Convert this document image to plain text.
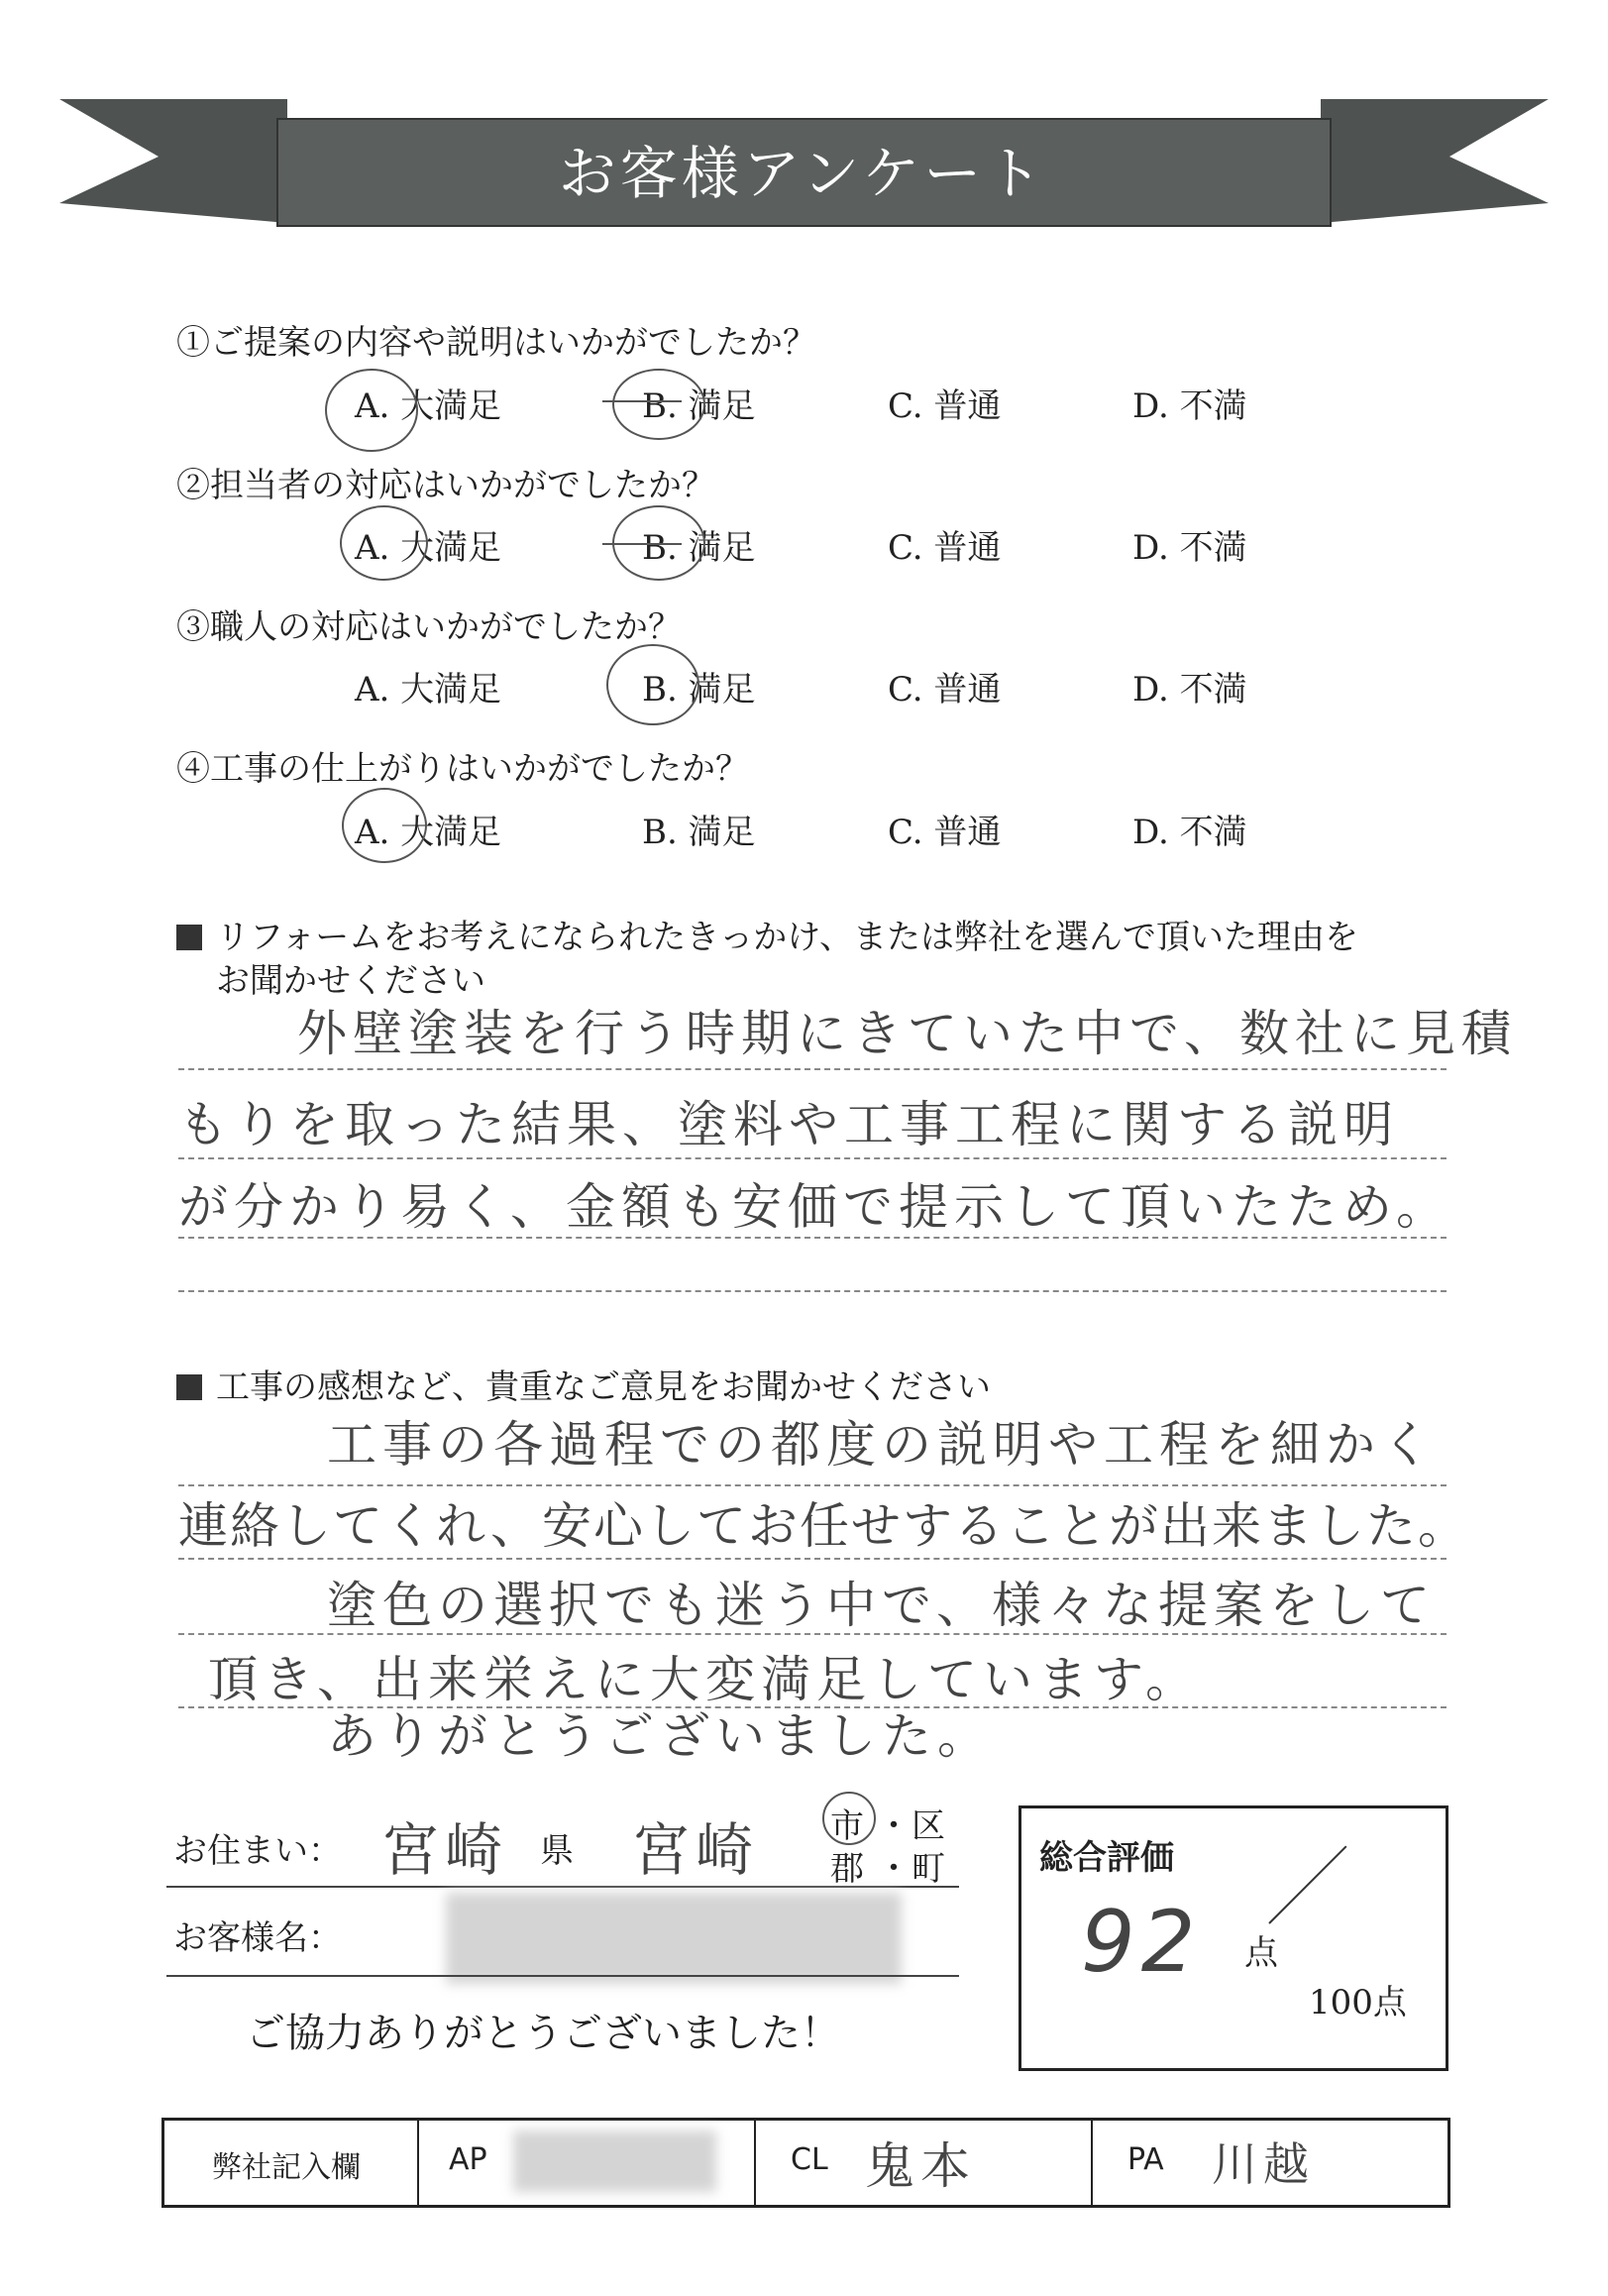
お客様アンケート
①ご提案の内容や説明はいかがでしたか？
A. 大満足	B. 満足	C. 普通	D. 不満
②担当者の対応はいかがでしたか？
A. 大満足	B. 満足	C. 普通	D. 不満
③職人の対応はいかがでしたか？
A. 大満足	B. 満足	C. 普通	D. 不満
④工事の仕上がりはいかがでしたか？
A. 大満足	B. 満足	C. 普通	D. 不満
リフォームをお考えになられたきっかけ、または弊社を選んで頂いた理由を
お聞かせください
外壁塗装を行う時期にきていた中で、数社に見積
もりを取った結果、塗料や工事工程に関する説明
が分かり易く、金額も安価で提示して頂いたため。
工事の感想など、貴重なご意見をお聞かせください
工事の各過程での都度の説明や工程を細かく
連絡してくれ、安心してお任せすることが出来ました。
塗色の選択でも迷う中で、様々な提案をして
頂き、出来栄えに大変満足しています。
ありがとうございました。
お住まい： 宮崎 県 宮崎 市 ・ 区
郡 ・ 町
お客様名：
総合評価
92 点
100点
ご協力ありがとうございました！
弊社記入欄	AP	CL 鬼本	PA 川越
